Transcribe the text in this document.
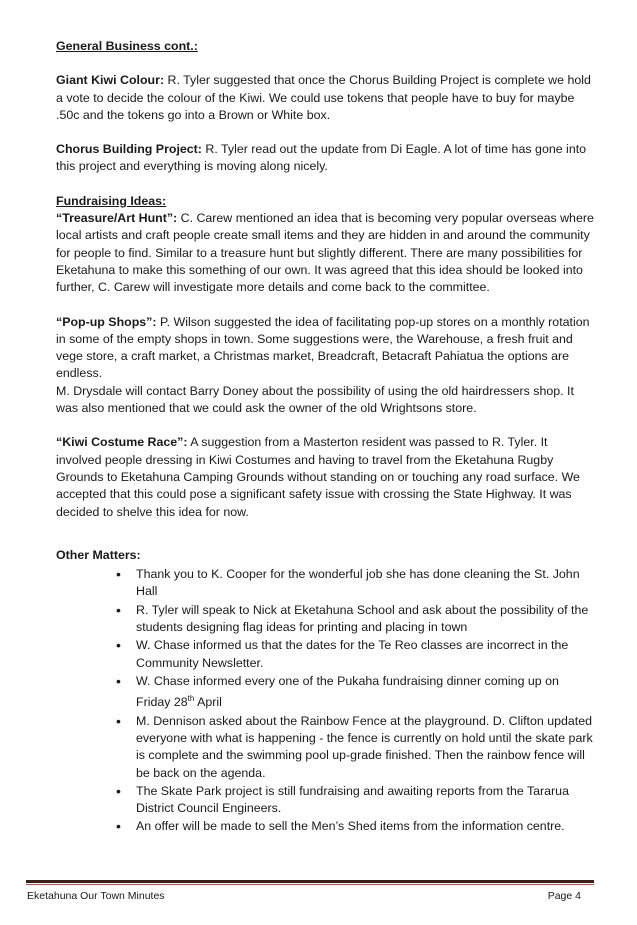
General Business cont.:

Giant Kiwi Colour: R. Tyler suggested that once the Chorus Building Project is complete we hold a vote to decide the colour of the Kiwi. We could use tokens that people have to buy for maybe .50c and the tokens go into a Brown or White box.

Chorus Building Project: R. Tyler read out the update from Di Eagle. A lot of time has gone into this project and everything is moving along nicely.

Fundraising Ideas:

“Treasure/Art Hunt”: C. Carew mentioned an idea that is becoming very popular overseas where local artists and craft people create small items and they are hidden in and around the community for people to find. Similar to a treasure hunt but slightly different. There are many possibilities for Eketahuna to make this something of our own. It was agreed that this idea should be looked into further, C. Carew will investigate more details and come back to the committee.

“Pop-up Shops”: P. Wilson suggested the idea of facilitating pop-up stores on a monthly rotation in some of the empty shops in town. Some suggestions were, the Warehouse, a fresh fruit and vege store, a craft market, a Christmas market, Breadcraft, Betacraft Pahiatua the options are endless.

M. Drysdale will contact Barry Doney about the possibility of using the old hairdressers shop. It was also mentioned that we could ask the owner of the old Wrightsons store.

“Kiwi Costume Race”: A suggestion from a Masterton resident was passed to R. Tyler. It involved people dressing in Kiwi Costumes and having to travel from the Eketahuna Rugby Grounds to Eketahuna Camping Grounds without standing on or touching any road surface. We accepted that this could pose a significant safety issue with crossing the State Highway. It was decided to shelve this idea for now.

Other Matters:

• Thank you to K. Cooper for the wonderful job she has done cleaning the St. John Hall
• R. Tyler will speak to Nick at Eketahuna School and ask about the possibility of the students designing flag ideas for printing and placing in town
• W. Chase informed us that the dates for the Te Reo classes are incorrect in the Community Newsletter.
• W. Chase informed every one of the Pukaha fundraising dinner coming up on Friday 28th April
• M. Dennison asked about the Rainbow Fence at the playground. D. Clifton updated everyone with what is happening - the fence is currently on hold until the skate park is complete and the swimming pool up-grade finished. Then the rainbow fence will be back on the agenda.
• The Skate Park project is still fundraising and awaiting reports from the Tararua District Council Engineers.
• An offer will be made to sell the Men’s Shed items from the information centre.
Eketahuna Our Town Minutes	Page 4
